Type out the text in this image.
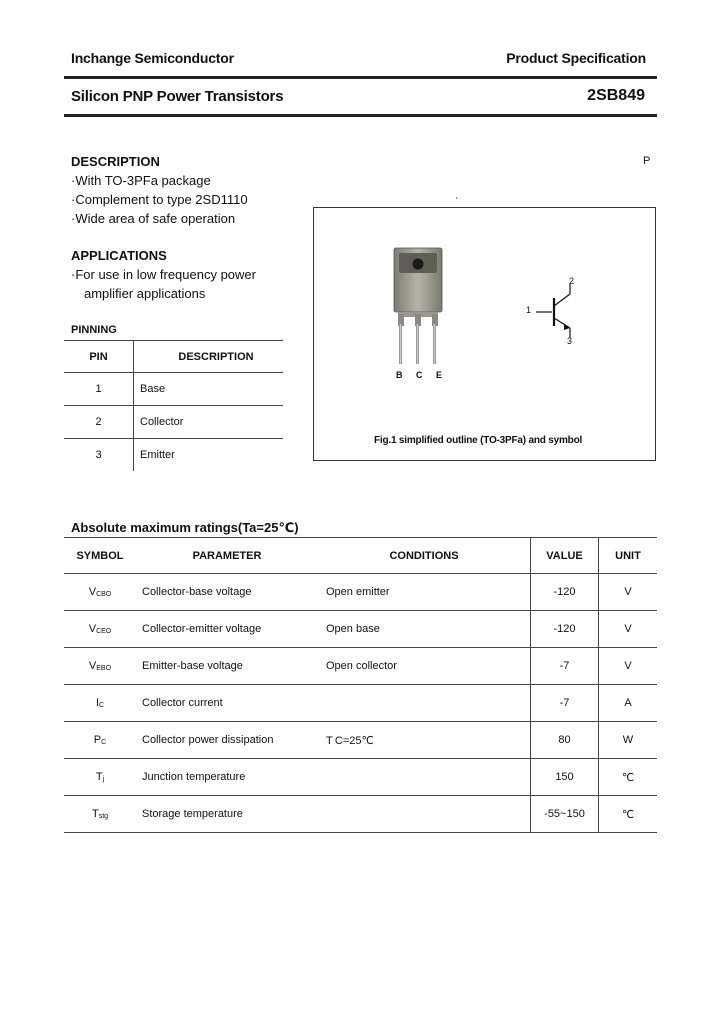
Inchange Semiconductor	Product Specification
Silicon PNP Power Transistors	2SB849
P
·
DESCRIPTION
·With TO-3PFa package
·Complement to type 2SD1110
·Wide area of safe operation
APPLICATIONS
·For use in low frequency power
amplifier applications
PINNING
PIN	DESCRIPTION
1	Base
2	Collector
3	Emitter
B C E
1
2
3
Fig.1 simplified outline (TO-3PFa) and symbol
Absolute maximum ratings(Ta=25℃)
SYMBOL	PARAMETER	CONDITIONS	VALUE	UNIT
VCBO	Collector-base voltage	Open emitter	-120	V
VCEO	Collector-emitter voltage	Open base	-120	V
VEBO	Emitter-base voltage	Open collector	-7	V
IC	Collector current		-7	A
PC	Collector power dissipation	T C=25℃	80	W
Tj	Junction temperature		150	℃
Tstg	Storage temperature		-55~150	℃
